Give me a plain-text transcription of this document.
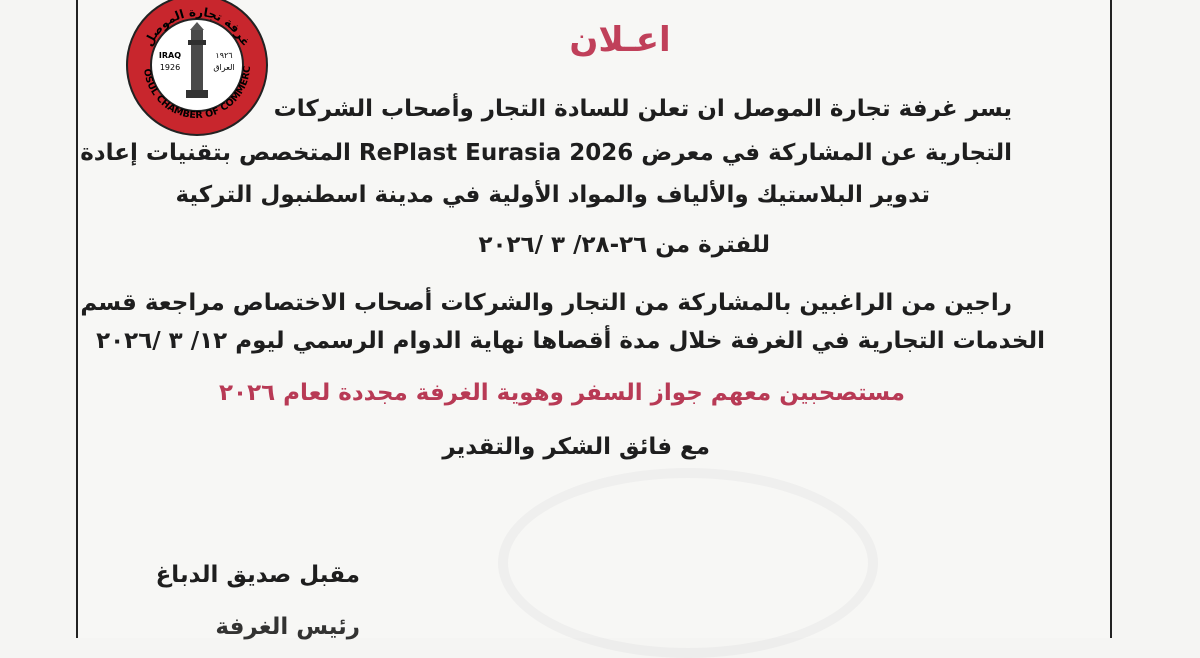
OSUL CHAMBER OF COMMERC
غرفة تجارة الموصل
IRAQ
1926
١٩٢٦
العراق
اعـلان
يسر غرفة تجارة الموصل ان تعلن للسادة التجار وأصحاب الشركات
التجارية عن المشاركة في معرض RePlast Eurasia 2026 المتخصص بتقنيات إعادة
تدوير البلاستيك والألياف والمواد الأولية في مدينة اسطنبول التركية
للفترة من ٢٦-٢٨/ ٣ /٢٠٢٦
راجين من الراغبين بالمشاركة من التجار والشركات أصحاب الاختصاص مراجعة قسم
الخدمات التجارية في الغرفة خلال مدة أقصاها نهاية الدوام الرسمي ليوم ١٢/ ٣ /٢٠٢٦
مستصحبين معهم جواز السفر وهوية الغرفة مجددة لعام ٢٠٢٦
مع فائق الشكر والتقدير
مقبل صديق الدباغ
رئيس الغرفة
